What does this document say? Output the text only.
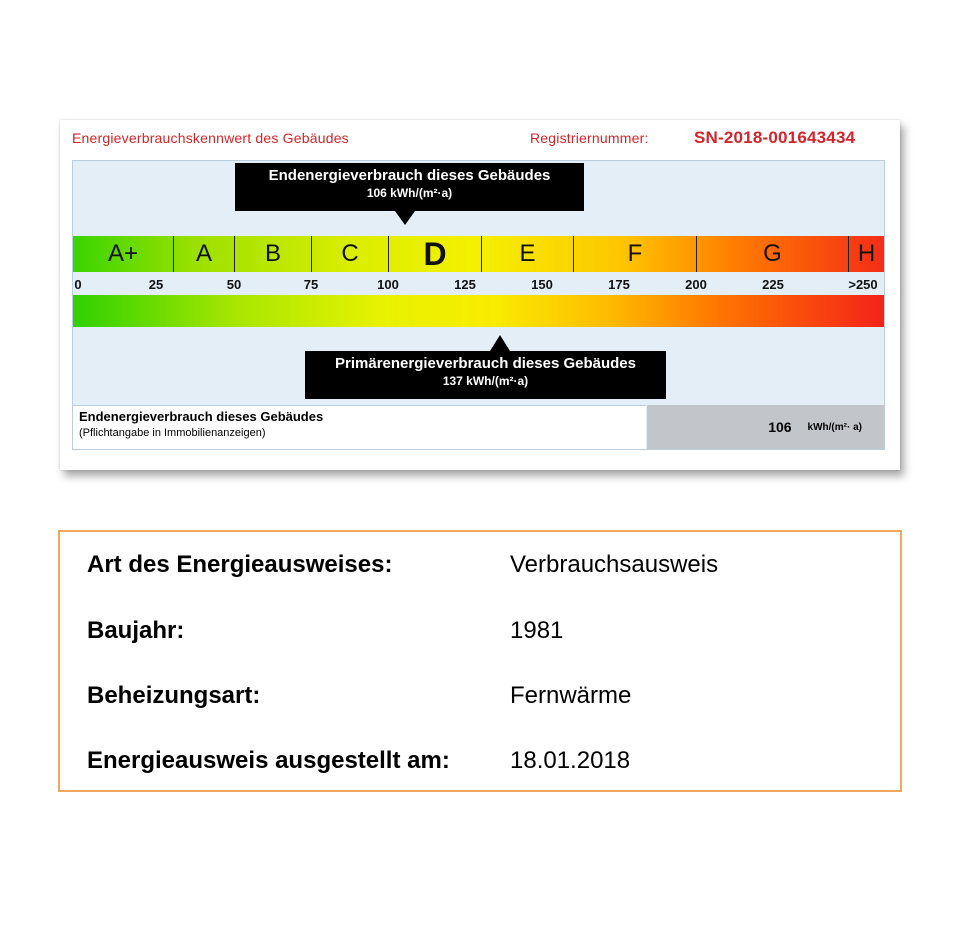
Energieverbrauchskennwert des Gebäudes	Registriernummer:	SN-2018-001643434
Endenergieverbrauch dieses Gebäudes
106 kWh/(m²·a)
A+	A	B	C	D	E	F	G	H
0	25	50	75	100	125	150	175	200	225	>250
Primärenergieverbrauch dieses Gebäudes
137 kWh/(m²·a)
Endenergieverbrauch dieses Gebäudes
(Pflichtangabe in Immobilienanzeigen)	106 kWh/(m²· a)
Art des Energieausweises:	Verbrauchsausweis
Baujahr:	1981
Beheizungsart:	Fernwärme
Energieausweis ausgestellt am:	18.01.2018
